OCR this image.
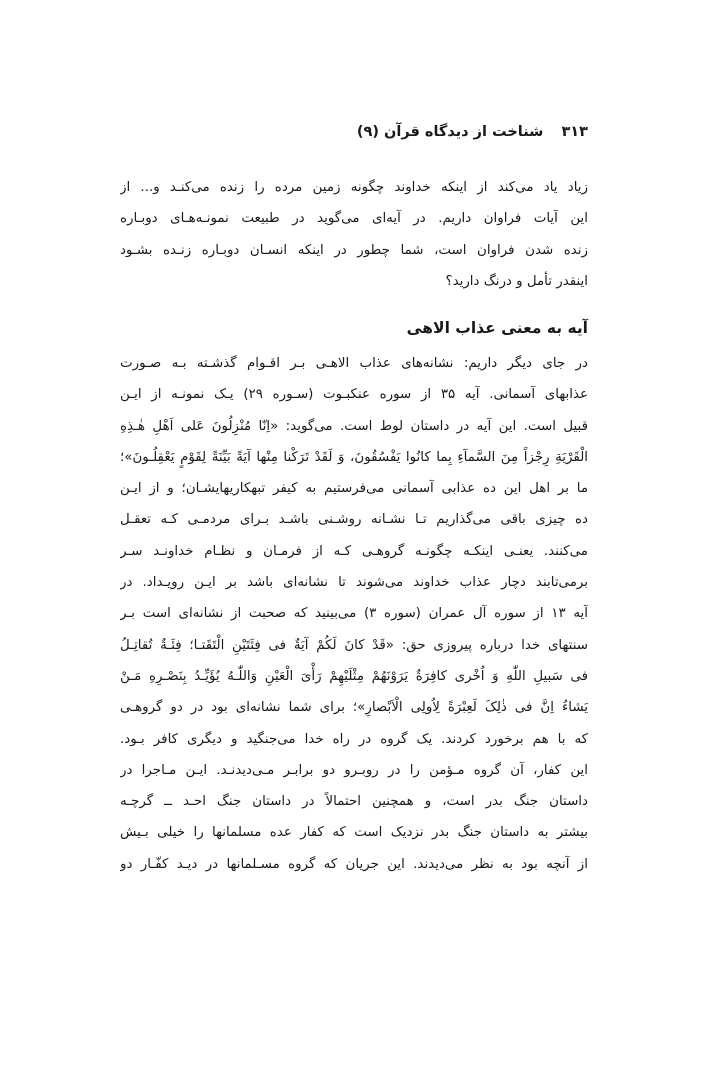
۳۱۳شناخت از دیدگاه قرآن (۹)
زیاد یاد می‌کند از اینکه خداوند چگونه زمین مرده را زنده می‌کنـد و... از
این آیات فراوان داریم. در آیه‌ای می‌گوید در طبیعت نمونـه‌هـای دوبـاره
زنده شدن فراوان است، شما چطور در اینکه انسـان دوبـاره زنـده بشـود
اینقدر تأمل و درنگ دارید؟
آیه به معنی عذاب الاهی
در جای دیگر داریم: نشانه‌های عذاب الاهـی بـر اقـوام گذشـته بـه صـورت
عذابهای آسمانی. آیه ۳۵ از سوره عنکبـوت (سـوره ۲۹) یـک نمونـه از ایـن
قبیل است. این آیه در داستان لوط است. می‌گوید: «اِنّا مُنْزِلُونَ عَلی اَهْلِ هٰـذِهِ
الْقَرْیَةِ رِجْزاً مِنَ السَّمآءِ بِما کانُوا یَفْسُقُونَ، وَ لَقَدْ تَرَکْنا مِنْها آیَةً بَیِّنَةً لِقَوْمٍ یَعْقِلُـونَ»؛
ما بر اهل این ده عذابی آسمانی می‌فرستیم به کیفر تبهکاریهایشـان؛ و از ایـن
ده چیزی باقی می‌گذاریم تـا نشـانه روشـنی باشـد بـرای مردمـی کـه تعقـل
می‌کنند. یعنـی اینکـه چگونـه گروهـی کـه از فرمـان و نظـام خداونـد سـر
برمی‌تابند دچار عذاب خداوند می‌شوند تا نشانه‌ای باشد بر ایـن رویـداد. در
آیه ۱۳ از سوره آل عمران (سوره ۳) می‌بینید که صحبت از نشانه‌ای است بـر
سنتهای خدا درباره پیروزی حق: «قَدْ کانَ لَکُمْ آیَةٌ فی فِئَتَیْنِ الْتَقَتـا؛ فِئَـةٌ تُقاتِـلُ
فی سَبیلِ اللّٰهِ وَ اُخْری کافِرَةٌ یَرَوْنَهُمْ مِثْلَیْهِمْ رَأْیَ الْعَیْنِ وَاللّٰـهُ یُؤَیِّـدُ بِنَصْـرِهِ مَـنْ
یَشاءُ اِنَّ فی ذٰلِکَ لَعِبْرَةً لِاُولِی الْاَبْصارِ»؛ برای شما نشانه‌ای بود در دو گروهـی
که با هم برخورد کردند. یک گروه در راه خدا می‌جنگید و دیگری کافر بـود.
این کفار، آن گروه مـؤمن را در روبـرو دو برابـر مـی‌دیدنـد. ایـن مـاجرا در
داستان جنگ بدر است، و همچنین احتمالاً در داستان جنگ احـد ــ گرچـه
بیشتر به داستان جنگ بدر نزدیک است که کفار عده مسلمانها را خیلی بـیش
از آنچه بود به نظر می‌دیدند. این جریان که گروه مسـلمانها در دیـد کفّـار دو
